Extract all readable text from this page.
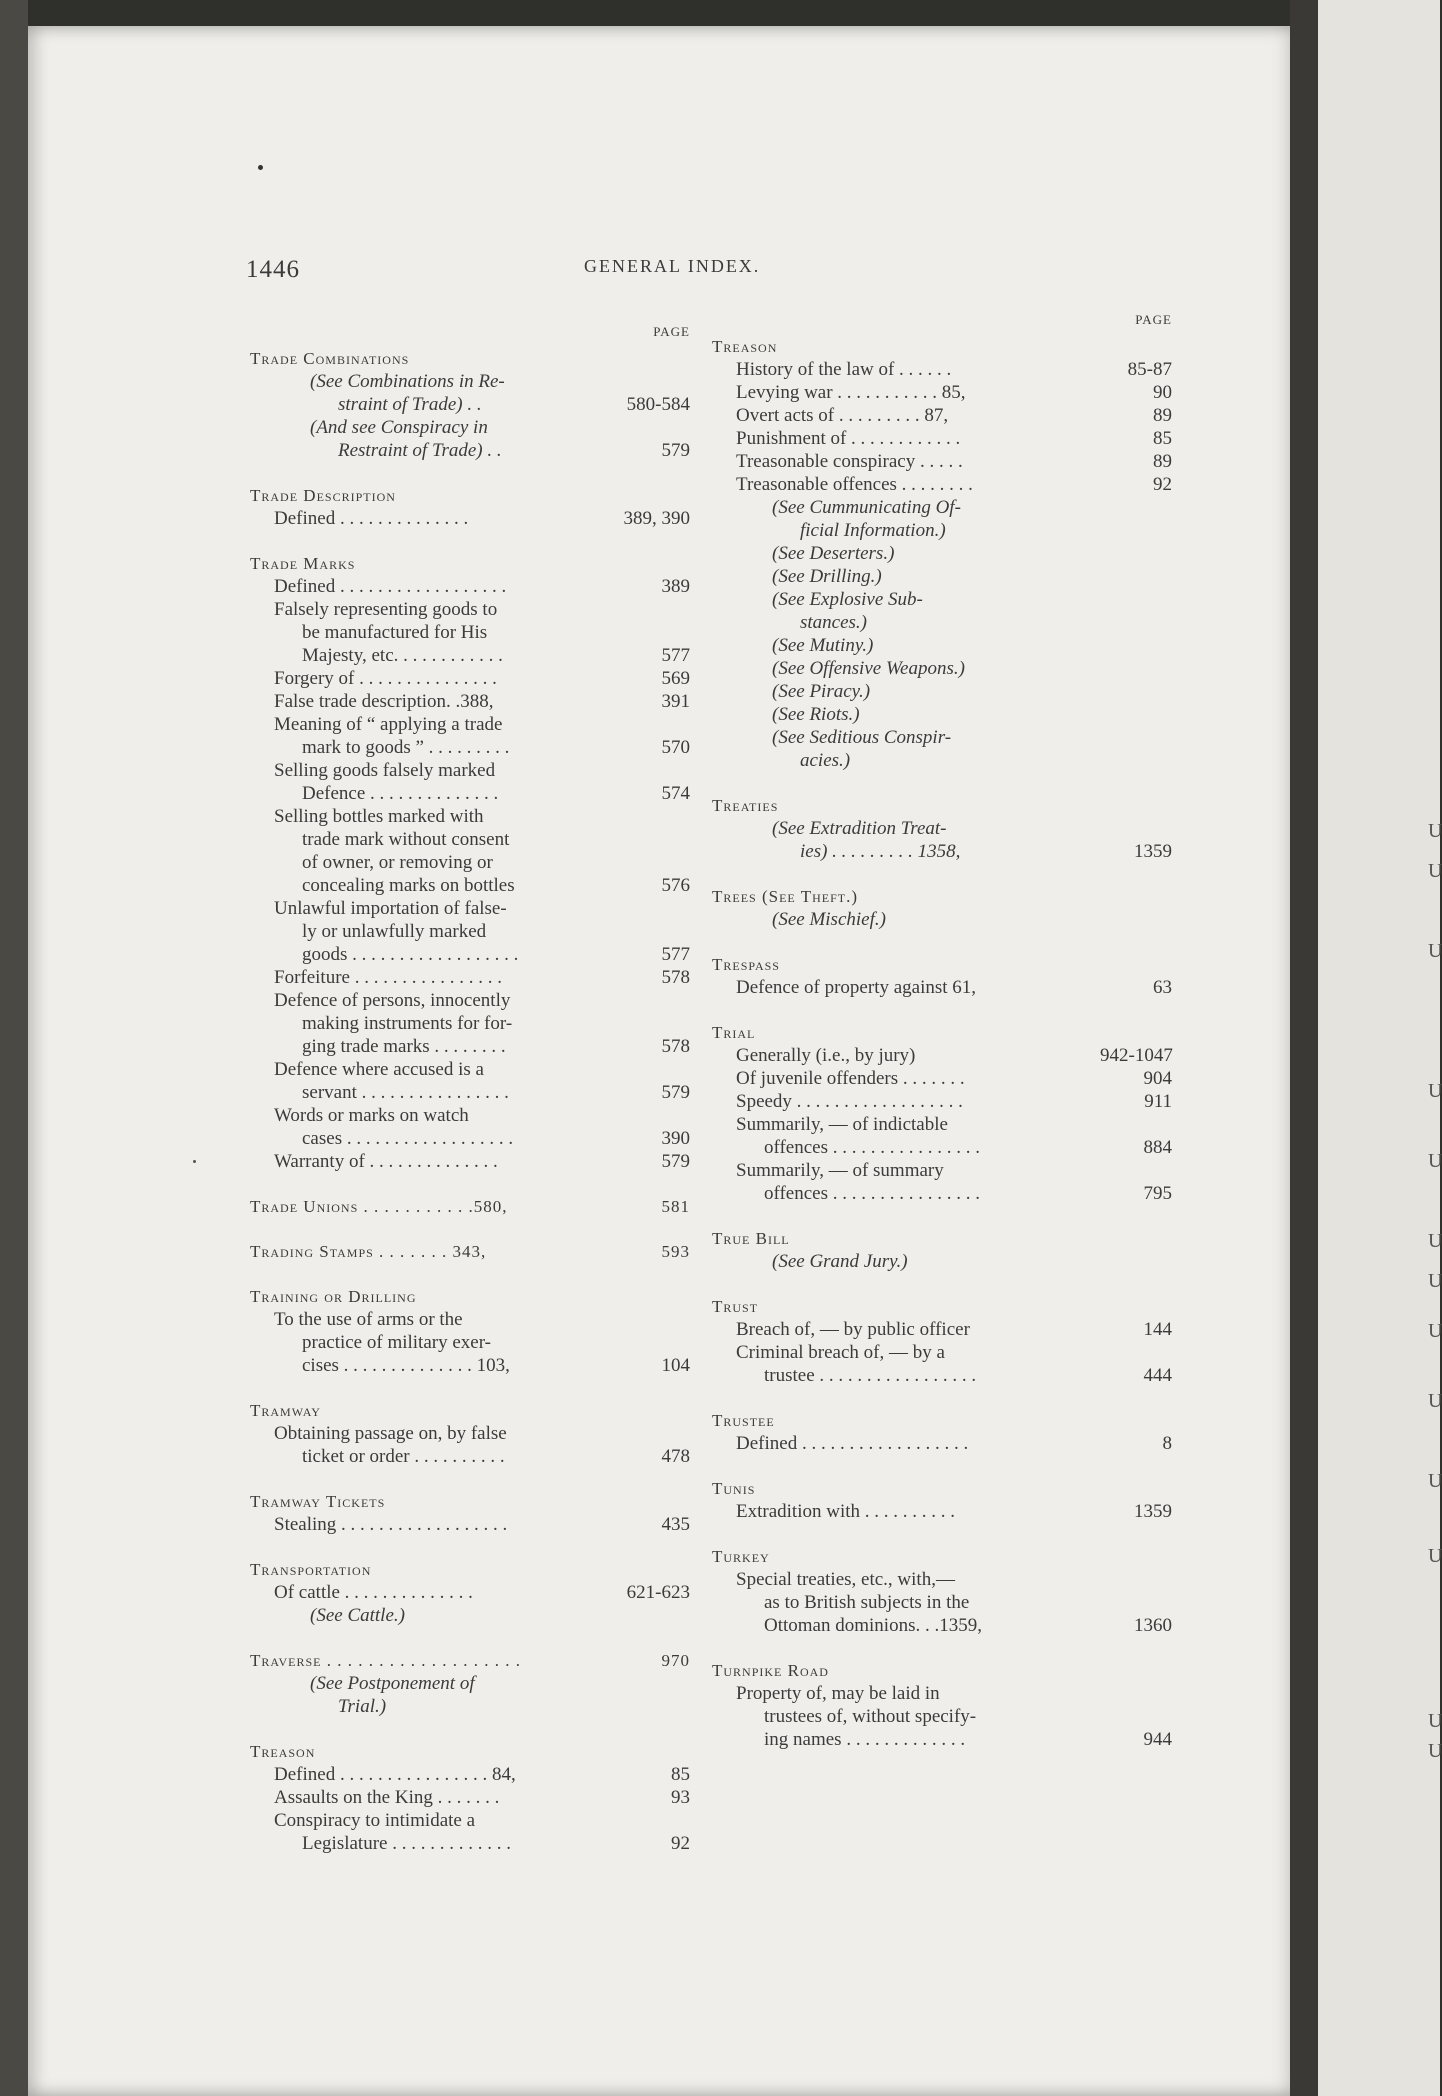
U
U
U
U
U
U
U
U
U
U
U
U
U
1446	GENERAL INDEX.
PAGE
Trade Combinations
(See Combinations in Re-
straint of Trade) . .	580-584
(And see Conspiracy in
Restraint of Trade) . .	579
Trade Description
Defined . . . . . . . . . . . . . .	389, 390
Trade Marks
Defined . . . . . . . . . . . . . . . . . .	389
Falsely representing goods to
be manufactured for His
Majesty, etc. . . . . . . . . . . .	577
Forgery of . . . . . . . . . . . . . . .	569
False trade description. .388,	391
Meaning of “ applying a trade
mark to goods ” . . . . . . . . .	570
Selling goods falsely marked
Defence . . . . . . . . . . . . . .	574
Selling bottles marked with
trade mark without consent
of owner, or removing or
concealing marks on bottles	576
Unlawful importation of false-
ly or unlawfully marked
goods . . . . . . . . . . . . . . . . . .	577
Forfeiture . . . . . . . . . . . . . . . .	578
Defence of persons, innocently
making instruments for for-
ging trade marks . . . . . . . .	578
Defence where accused is a
servant . . . . . . . . . . . . . . . .	579
Words or marks on watch
cases . . . . . . . . . . . . . . . . . .	390
Warranty of . . . . . . . . . . . . . .	579
Trade Unions . . . . . . . . . . .580,	581
Trading Stamps . . . . . . . 343,	593
Training or Drilling
To the use of arms or the
practice of military exer-
cises . . . . . . . . . . . . . . 103,	104
Tramway
Obtaining passage on, by false
ticket or order . . . . . . . . . .	478
Tramway Tickets
Stealing . . . . . . . . . . . . . . . . . .	435
Transportation
Of cattle . . . . . . . . . . . . . .	621-623
(See Cattle.)
Traverse . . . . . . . . . . . . . . . . . . .	970
(See Postponement of
Trial.)
Treason
Defined . . . . . . . . . . . . . . . . 84,	85
Assaults on the King . . . . . . .	93
Conspiracy to intimidate a
Legislature . . . . . . . . . . . . .	92
PAGE
Treason
History of the law of . . . . . .	85-87
Levying war . . . . . . . . . . . 85,	90
Overt acts of . . . . . . . . . 87,	89
Punishment of . . . . . . . . . . . .	85
Treasonable conspiracy . . . . .	89
Treasonable offences . . . . . . . .	92
(See Cummunicating Of-
ficial Information.)
(See Deserters.)
(See Drilling.)
(See Explosive Sub-
stances.)
(See Mutiny.)
(See Offensive Weapons.)
(See Piracy.)
(See Riots.)
(See Seditious Conspir-
acies.)
Treaties
(See Extradition Treat-
ies) . . . . . . . . . 1358,	1359
Trees (See Theft.)
(See Mischief.)
Trespass
Defence of property against 61,	63
Trial
Generally (i.e., by jury)	942-1047
Of juvenile offenders . . . . . . .	904
Speedy . . . . . . . . . . . . . . . . . .	911
Summarily, — of indictable
offences . . . . . . . . . . . . . . . .	884
Summarily, — of summary
offences . . . . . . . . . . . . . . . .	795
True Bill
(See Grand Jury.)
Trust
Breach of, — by public officer	144
Criminal breach of, — by a
trustee . . . . . . . . . . . . . . . . .	444
Trustee
Defined . . . . . . . . . . . . . . . . . .	8
Tunis
Extradition with . . . . . . . . . .	1359
Turkey
Special treaties, etc., with,—
as to British subjects in the
Ottoman dominions. . .1359,	1360
Turnpike Road
Property of, may be laid in
trustees of, without specify-
ing names . . . . . . . . . . . . .	944
